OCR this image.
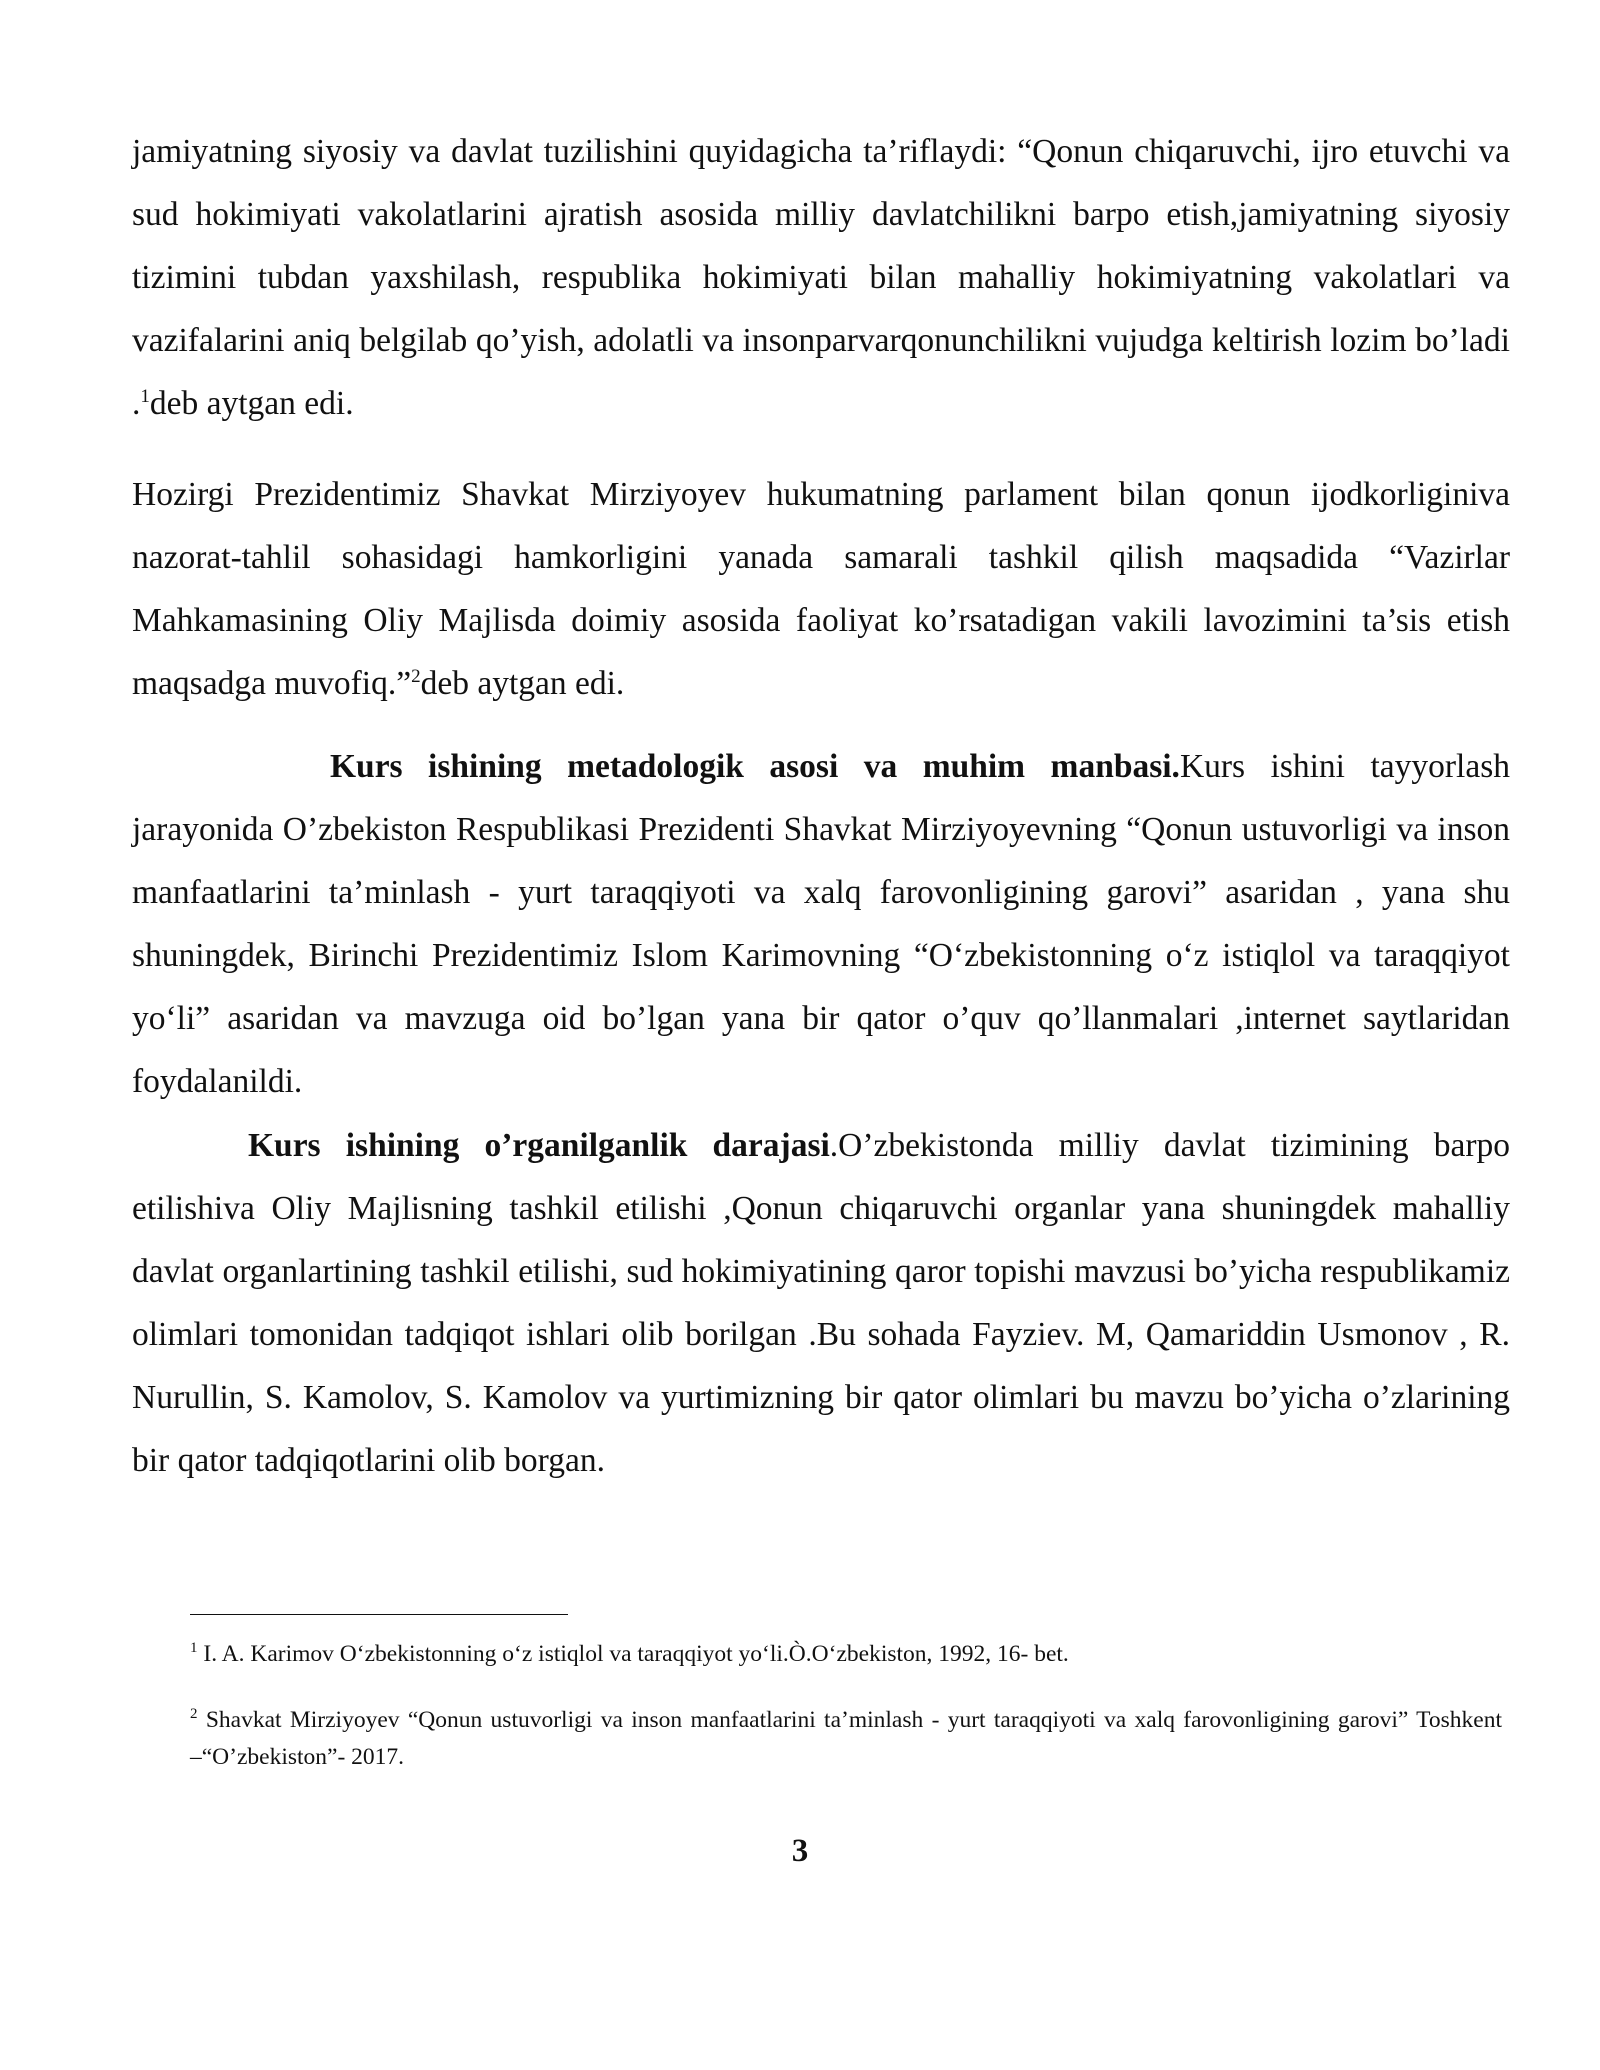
jamiyatning siyosiy va davlat tuzilishini quyidagicha ta’riflaydi: “Qonun chiqaruvchi, ijro etuvchi va sud hokimiyati vakolatlarini ajratish asosida milliy davlatchilikni barpo etish,jamiyatning siyosiy tizimini tubdan yaxshilash, respublika hokimiyati bilan mahalliy hokimiyatning vakolatlari va vazifalarini aniq belgilab qo’yish, adolatli va insonparvarqonunchilikni vujudga keltirish lozim bo’ladi .$^1$deb aytgan edi.

Hozirgi Prezidentimiz Shavkat Mirziyoyev hukumatning parlament bilan qonun ijodkorliginiva nazorat-tahlil sohasidagi hamkorligini yanada samarali tashkil qilish maqsadida “Vazirlar Mahkamasining Oliy Majlisda doimiy asosida faoliyat ko’rsatadigan vakili lavozimini ta’sis etish maqsadga muvofiq.”$^2$deb aytgan edi.

Kurs ishining metadologik asosi va muhim manbasi.Kurs ishini tayyorlash jarayonida O’zbekiston Respublikasi Prezidenti Shavkat Mirziyoyevning “Qonun ustuvorligi va inson manfaatlarini ta’minlash - yurt taraqqiyoti va xalq farovonligining garovi” asaridan , yana shu shuningdek, Birinchi Prezidentimiz Islom Karimovning “O‘zbekistonning o‘z istiqlol va taraqqiyot yo‘li” asaridan va mavzuga oid bo’lgan yana bir qator o’quv qo’llanmalari ,internet saytlaridan foydalanildi.

Kurs ishining o’rganilganlik darajasi.O’zbekistonda milliy davlat tizimining barpo etilishiva Oliy Majlisning tashkil etilishi ,Qonun chiqaruvchi organlar yana shuningdek mahalliy davlat organlartining tashkil etilishi, sud hokimiyatining qaror topishi mavzusi bo’yicha respublikamiz olimlari tomonidan tadqiqot ishlari olib borilgan .Bu sohada Fayziev. M, Qamariddin Usmonov , R. Nurullin, S. Kamolov, S. Kamolov va yurtimizning bir qator olimlari bu mavzu bo’yicha o’zlarining bir qator tadqiqotlarini olib borgan.

$^1$ I. A. Karimov O‘zbekistonning o‘z istiqlol va taraqqiyot yo‘li.Ò.O‘zbekiston, 1992, 16- bet.

$^2$ Shavkat Mirziyoyev “Qonun ustuvorligi va inson manfaatlarini ta’minlash - yurt taraqqiyoti va xalq farovonligining garovi” Toshkent –“O’zbekiston”- 2017.

3
